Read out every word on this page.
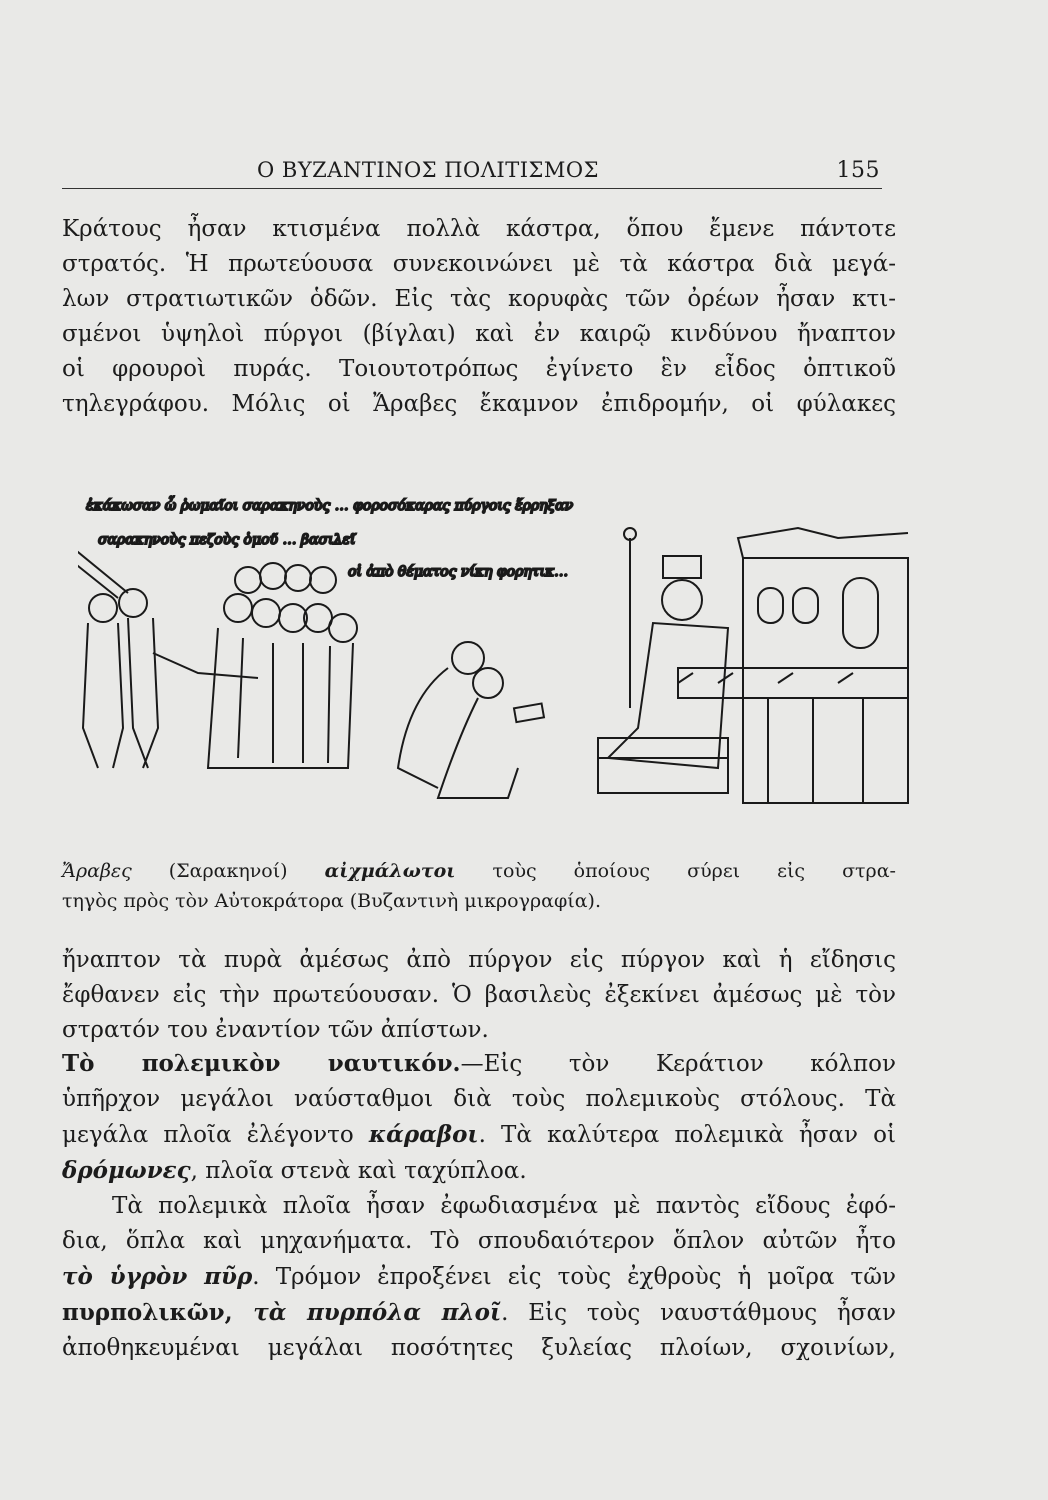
Ο ΒΥΖΑΝΤΙΝΟΣ ΠΟΛΙΤΙΣΜΟΣ	155
Κράτους ἦσαν κτισμένα πολλὰ κάστρα, ὅπου ἔμενε πάντοτε
στρατός. Ἡ πρωτεύουσα συνεκοινώνει μὲ τὰ κάστρα διὰ μεγά-
λων στρατιωτικῶν ὁδῶν. Εἰς τὰς κορυφὰς τῶν ὀρέων ἦσαν κτι-
σμένοι ὑψηλοὶ πύργοι (βίγλαι) καὶ ἐν καιρῷ κινδύνου ἤναπτον
οἱ φρουροὶ πυράς. Τοιουτοτρόπως ἐγίνετο ἓν εἶδος ὀπτικοῦ
τηλεγράφου. Μόλις οἱ Ἄραβες ἔκαμνον ἐπιδρομήν, οἱ φύλακες
ἐκάκωσαν ὦ ῥωμαῖοι σαρακηνοὺς … φοροσόκαρας πύργοις ἔρρηξαν
σαρακηνοὺς πεζοὺς ὁμοῦ … βασιλεῖ
οἱ ἀπὸ θέματος νίκη φορητικ…
Ἄραβες (Σαρακηνοί) αἰχμάλωτοι τοὺς ὁποίους σύρει εἰς στρα-
τηγὸς πρὸς τὸν Αὐτοκράτορα (Βυζαντινὴ μικρογραφία).
ἤναπτον τὰ πυρὰ ἀμέσως ἀπὸ πύργον εἰς πύργον καὶ ἡ εἴδησις
ἔφθανεν εἰς τὴν πρωτεύουσαν. Ὁ βασιλεὺς ἐξεκίνει ἀμέσως μὲ τὸν
στρατόν του ἐναντίον τῶν ἀπίστων.
Τὸ πολεμικὸν ναυτικόν.—Εἰς τὸν Κεράτιον κόλπον
ὑπῆρχον μεγάλοι ναύσταθμοι διὰ τοὺς πολεμικοὺς στόλους. Τὰ
μεγάλα πλοῖα ἐλέγοντο κάραβοι. Τὰ καλύτερα πολεμικὰ ἦσαν οἱ
δρόμωνες, πλοῖα στενὰ καὶ ταχύπλοα.
Τὰ πολεμικὰ πλοῖα ἦσαν ἐφωδιασμένα μὲ παντὸς εἴδους ἐφό-
δια, ὅπλα καὶ μηχανήματα. Τὸ σπουδαιότερον ὅπλον αὐτῶν ἦτο
τὸ ὑγρὸν πῦρ. Τρόμον ἐπροξένει εἰς τοὺς ἐχθροὺς ἡ μοῖρα τῶν
πυρπολικῶν, τὰ πυρπόλα πλοῖ. Εἰς τοὺς ναυστάθμους ἦσαν
ἀποθηκευμέναι μεγάλαι ποσότητες ξυλείας πλοίων, σχοινίων,
